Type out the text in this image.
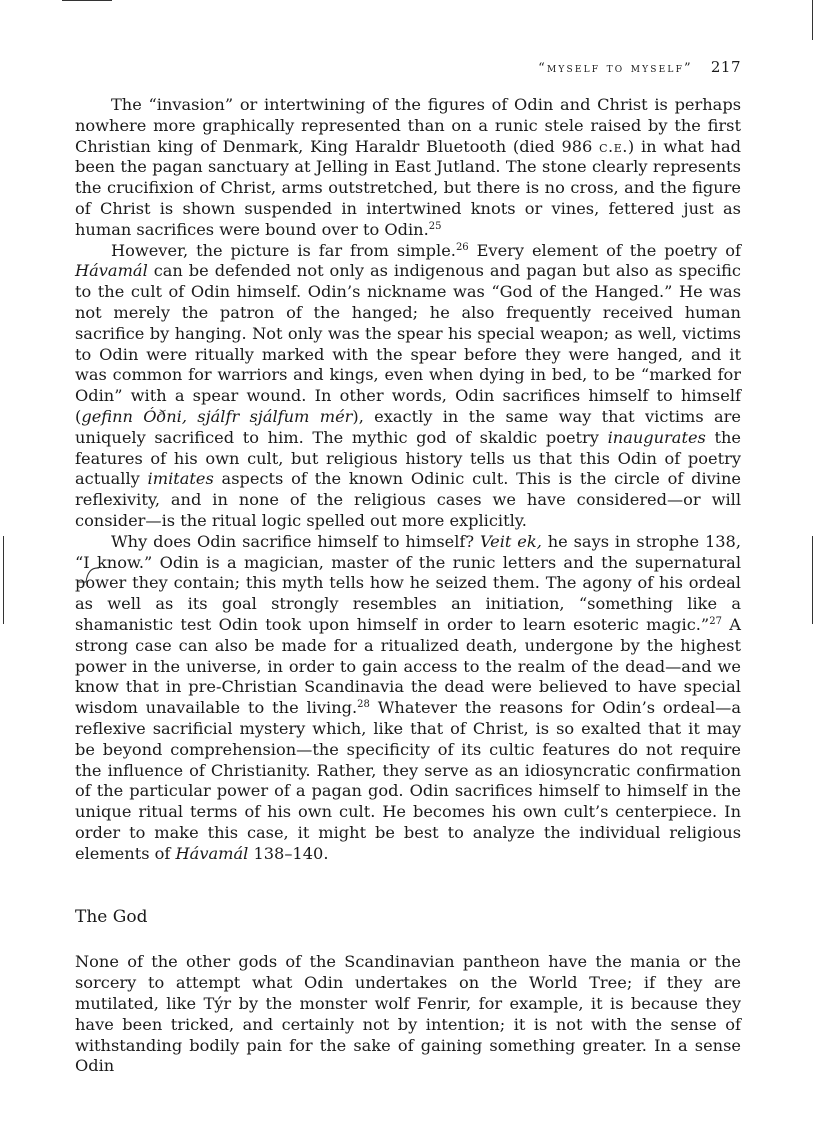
“myself to myself” 217

The “invasion” or intertwining of the figures of Odin and Christ is perhaps nowhere more graphically represented than on a runic stele raised by the first Christian king of Denmark, King Haraldr Bluetooth (died 986 c.e.) in what had been the pagan sanctuary at Jelling in East Jutland. The stone clearly represents the crucifixion of Christ, arms outstretched, but there is no cross, and the figure of Christ is shown suspended in intertwined knots or vines, fettered just as human sacrifices were bound over to Odin.$^{25}$

However, the picture is far from simple.$^{26}$ Every element of the poetry of Hávamál can be defended not only as indigenous and pagan but also as specific to the cult of Odin himself. Odin’s nickname was “God of the Hanged.” He was not merely the patron of the hanged; he also frequently received human sacrifice by hanging. Not only was the spear his special weapon; as well, victims to Odin were ritually marked with the spear before they were hanged, and it was common for warriors and kings, even when dying in bed, to be “marked for Odin” with a spear wound. In other words, Odin sacrifices himself to himself (gefinn Óðni, sjálfr sjálfum mér), exactly in the same way that victims are uniquely sacrificed to him. The mythic god of skaldic poetry inaugurates the features of his own cult, but religious history tells us that this Odin of poetry actually imitates aspects of the known Odinic cult. This is the circle of divine reflexivity, and in none of the religious cases we have considered—or will consider—is the ritual logic spelled out more explicitly.

Why does Odin sacrifice himself to himself? Veit ek, he says in strophe 138, “I know.” Odin is a magician, master of the runic letters and the supernatural power they contain; this myth tells how he seized them. The agony of his ordeal as well as its goal strongly resembles an initiation, “something like a shamanistic test Odin took upon himself in order to learn esoteric magic.”$^{27}$ A strong case can also be made for a ritualized death, undergone by the highest power in the universe, in order to gain access to the realm of the dead—and we know that in pre-Christian Scandinavia the dead were believed to have special wisdom unavailable to the living.$^{28}$ Whatever the reasons for Odin’s ordeal—a reflexive sacrificial mystery which, like that of Christ, is so exalted that it may be beyond comprehension—the specificity of its cultic features do not require the influence of Christianity. Rather, they serve as an idiosyncratic confirmation of the particular power of a pagan god. Odin sacrifices himself to himself in the unique ritual terms of his own cult. He becomes his own cult’s centerpiece. In order to make this case, it might be best to analyze the individual religious elements of Hávamál 138–140.

The God

None of the other gods of the Scandinavian pantheon have the mania or the sorcery to attempt what Odin undertakes on the World Tree; if they are mutilated, like Týr by the monster wolf Fenrir, for example, it is because they have been tricked, and certainly not by intention; it is not with the sense of withstanding bodily pain for the sake of gaining something greater. In a sense Odin
